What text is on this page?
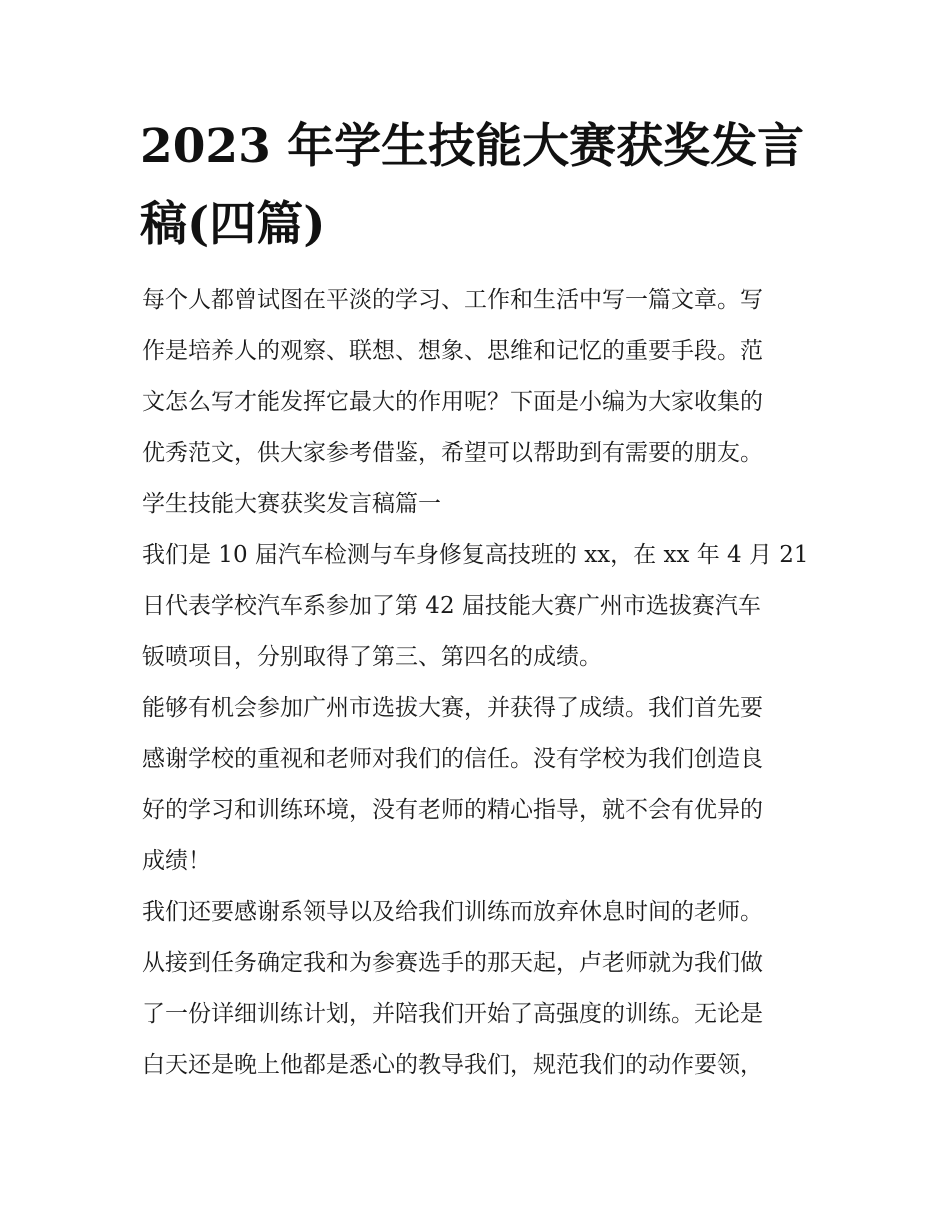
2023 年学生技能大赛获奖发言
稿(四篇)
每个人都曾试图在平淡的学习、工作和生活中写一篇文章。写
作是培养人的观察、联想、想象、思维和记忆的重要手段。范
文怎么写才能发挥它最大的作用呢？下面是小编为大家收集的
优秀范文，供大家参考借鉴，希望可以帮助到有需要的朋友。
学生技能大赛获奖发言稿篇一
我们是 10 届汽车检测与车身修复高技班的 xx，在 xx 年 4 月 21
日代表学校汽车系参加了第 42 届技能大赛广州市选拔赛汽车
钣喷项目，分别取得了第三、第四名的成绩。
能够有机会参加广州市选拔大赛，并获得了成绩。我们首先要
感谢学校的重视和老师对我们的信任。没有学校为我们创造良
好的学习和训练环境，没有老师的精心指导，就不会有优异的
成绩！
我们还要感谢系领导以及给我们训练而放弃休息时间的老师。
从接到任务确定我和为参赛选手的那天起，卢老师就为我们做
了一份详细训练计划，并陪我们开始了高强度的训练。无论是
白天还是晚上他都是悉心的教导我们，规范我们的动作要领，
